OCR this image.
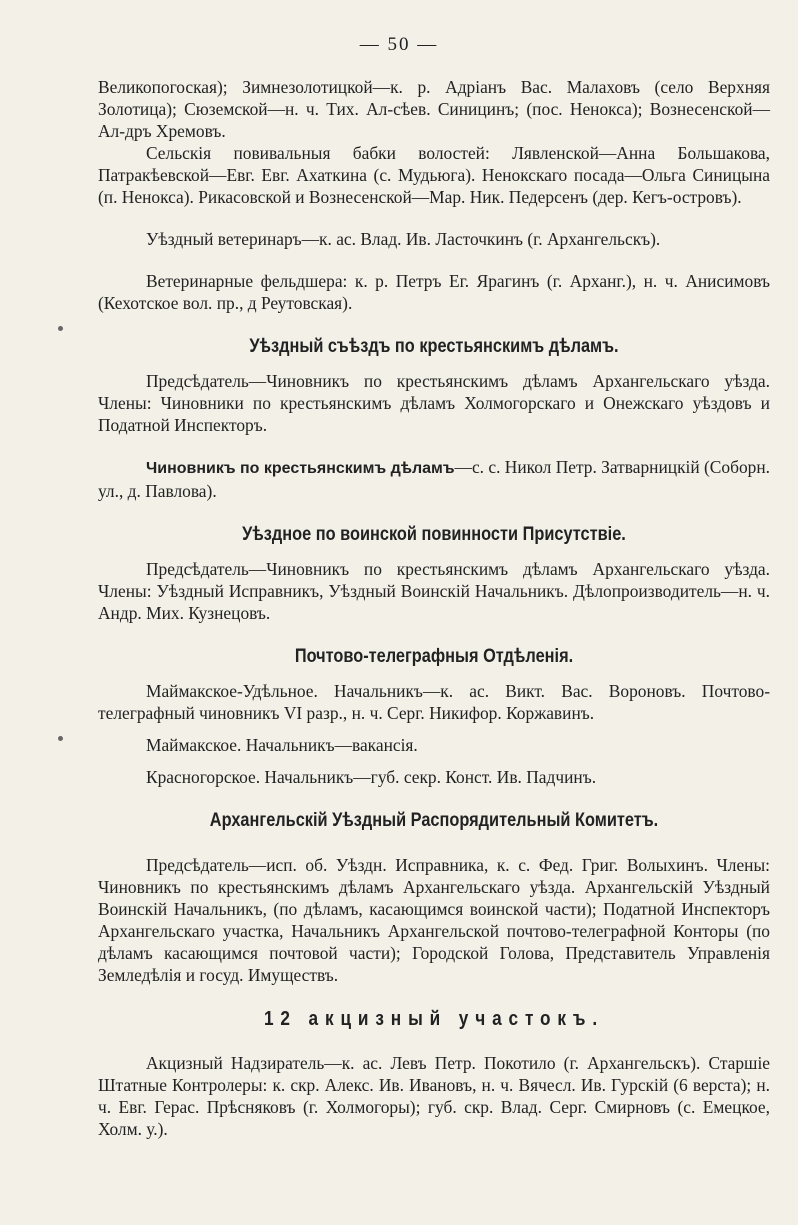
— 50 —

Великопогоская); Зимнезолотицкой—к. р. Адріанъ Вас. Малаховъ (село Верхняя Золотица); Сюземской—н. ч. Тих. Ал-сѣев. Синицинъ; (пос. Ненокса); Вознесенской—Ал-дръ Хремовъ.

Сельскія повивальныя бабки волостей: Лявленской—Анна Большакова, Патракѣевской—Евг. Евг. Ахаткина (с. Мудьюга). Ненокскаго посада—Ольга Синицына (п. Ненокса). Рикасовской и Вознесенской—Мар. Ник. Педерсенъ (дер. Кегъ-островъ).

Уѣздный ветеринаръ—к. ас. Влад. Ив. Ласточкинъ (г. Архангельскъ).

Ветеринарные фельдшера: к. р. Петръ Ег. Ярагинъ (г. Арханг.), н. ч. Анисимовъ (Кехотское вол. пр., д Реутовская).

Уѣздный съѣздъ по крестьянскимъ дѣламъ.

Предсѣдатель—Чиновникъ по крестьянскимъ дѣламъ Архангельскаго уѣзда. Члены: Чиновники по крестьянскимъ дѣламъ Холмогорскаго и Онежскаго уѣздовъ и Податной Инспекторъ.

Чиновникъ по крестьянскимъ дѣламъ—с. с. Никол Петр. Затварницкій (Соборн. ул., д. Павлова).

Уѣздное по воинской повинности Присутствіе.

Предсѣдатель—Чиновникъ по крестьянскимъ дѣламъ Архангельскаго уѣзда. Члены: Уѣздный Исправникъ, Уѣздный Воинскій Начальникъ. Дѣлопроизводитель—н. ч. Андр. Мих. Кузнецовъ.

Почтово-телеграфныя Отдѣленія.

Маймакское-Удѣльное. Начальникъ—к. ас. Викт. Вас. Вороновъ. Почтово-телеграфный чиновникъ VI разр., н. ч. Серг. Никифор. Коржавинъ.

Маймакское. Начальникъ—вакансія.

Красногорское. Начальникъ—губ. секр. Конст. Ив. Падчинъ.

Архангельскій Уѣздный Распорядительный Комитетъ.

Предсѣдатель—исп. об. Уѣздн. Исправника, к. с. Фед. Григ. Волыхинъ. Члены: Чиновникъ по крестьянскимъ дѣламъ Архангельскаго уѣзда. Архангельскій Уѣздный Воинскій Начальникъ, (по дѣламъ, касающимся воинской части); Податной Инспекторъ Архангельскаго участка, Начальникъ Архангельской почтово-телеграфной Конторы (по дѣламъ касающимся почтовой части); Городской Голова, Представитель Управленія Земледѣлія и госуд. Имуществъ.

12 акцизный участокъ.

Акцизный Надзиратель—к. ас. Левъ Петр. Покотило (г. Архангельскъ). Старшіе Штатные Контролеры: к. скр. Алекс. Ив. Ивановъ, н. ч. Вячесл. Ив. Гурскій (6 верста); н. ч. Евг. Герас. Прѣсняковъ (г. Холмогоры); губ. скр. Влад. Серг. Смирновъ (с. Емецкое, Холм. у.).
